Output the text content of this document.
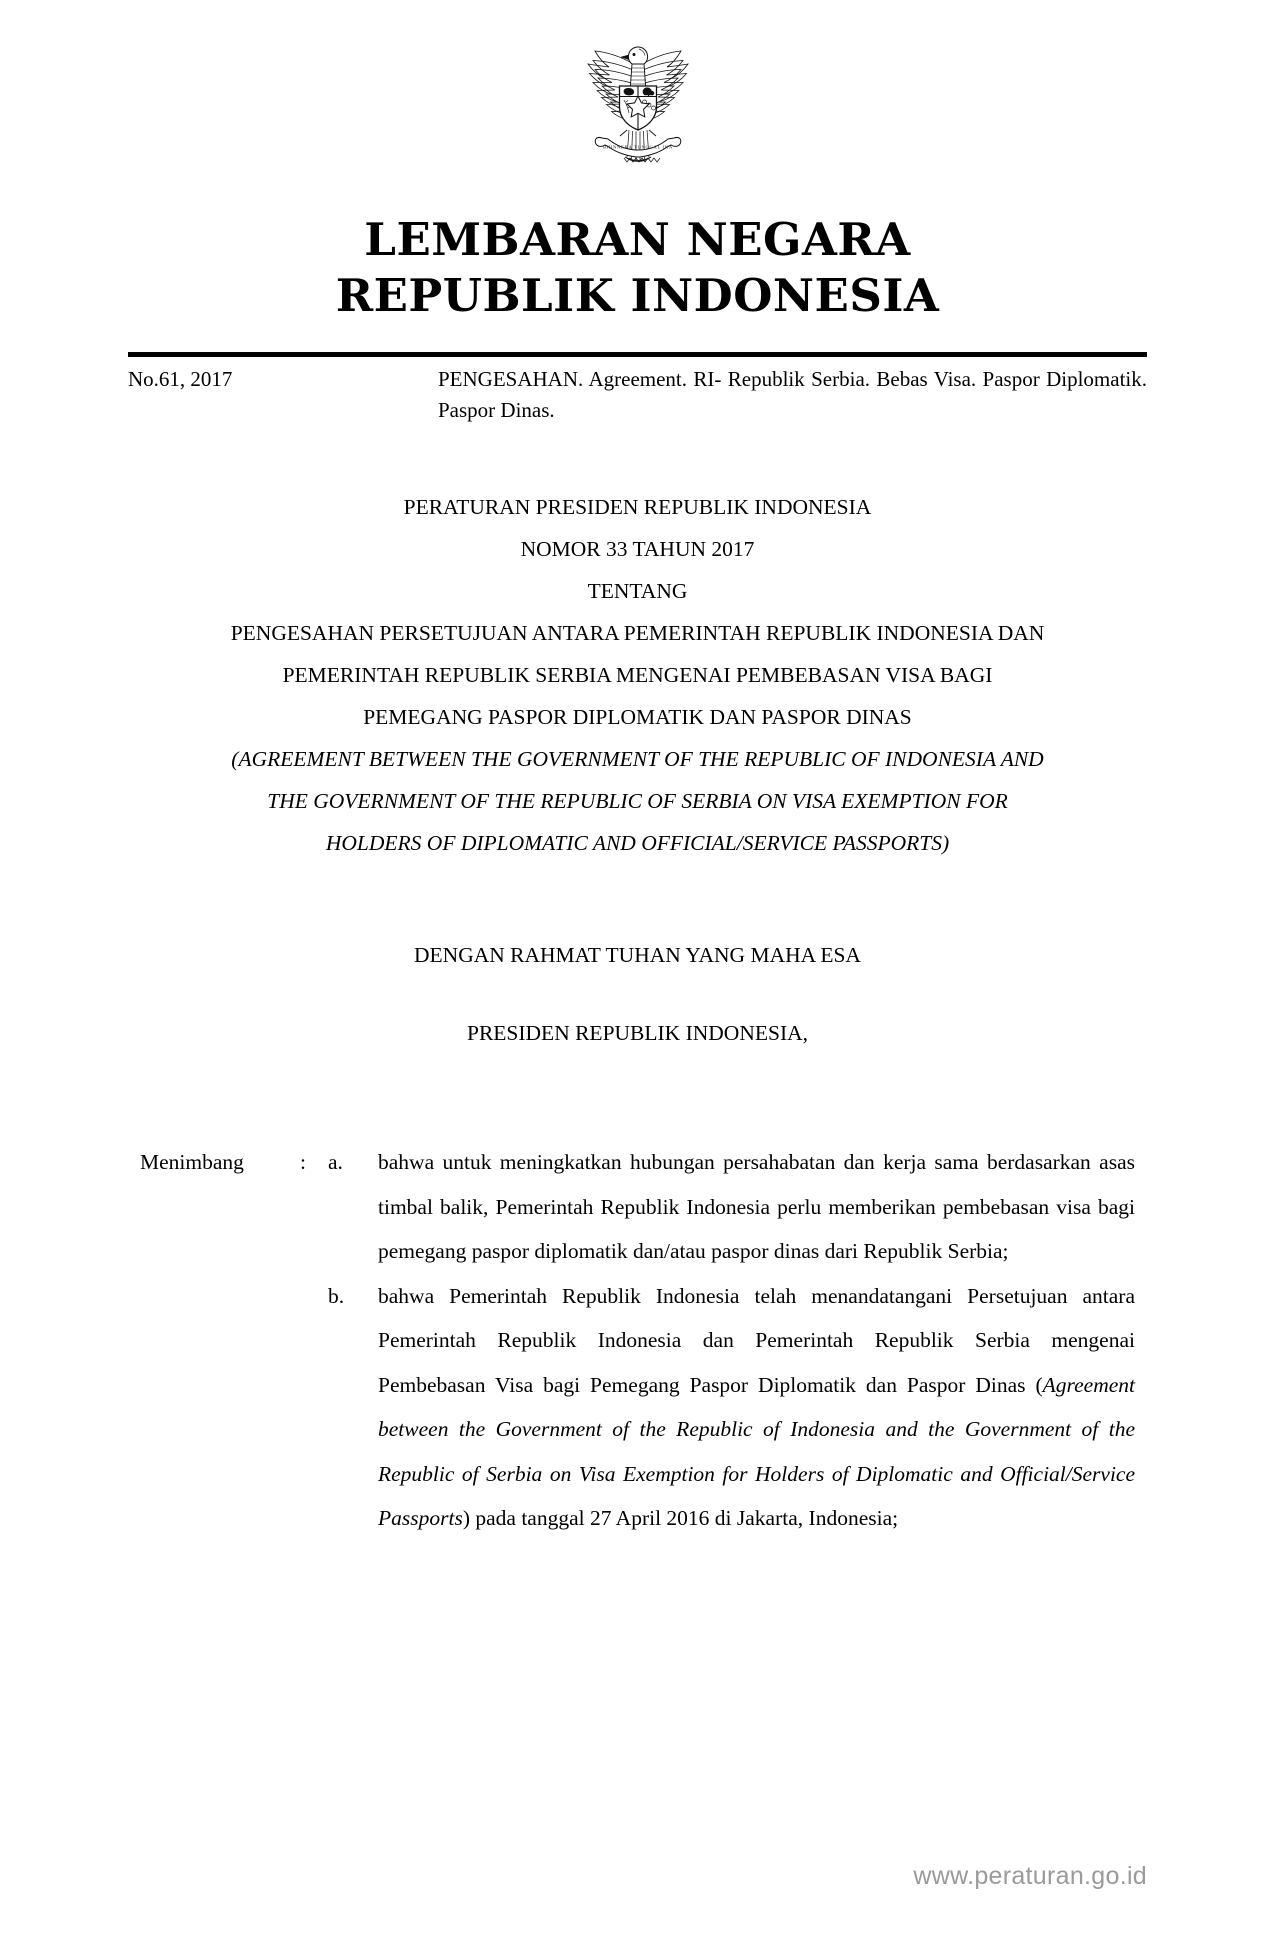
BHINNEKA TUNGGAL IKA
LEMBARAN NEGARA
REPUBLIK INDONESIA
No.61, 2017	PENGESAHAN. Agreement. RI- Republik Serbia. Bebas Visa. Paspor Diplomatik. Paspor Dinas.
PERATURAN PRESIDEN REPUBLIK INDONESIA
NOMOR 33 TAHUN 2017
TENTANG
PENGESAHAN PERSETUJUAN ANTARA PEMERINTAH REPUBLIK INDONESIA DAN
PEMERINTAH REPUBLIK SERBIA MENGENAI PEMBEBASAN VISA BAGI
PEMEGANG PASPOR DIPLOMATIK DAN PASPOR DINAS
(AGREEMENT BETWEEN THE GOVERNMENT OF THE REPUBLIC OF INDONESIA AND
THE GOVERNMENT OF THE REPUBLIC OF SERBIA ON VISA EXEMPTION FOR
HOLDERS OF DIPLOMATIC AND OFFICIAL/SERVICE PASSPORTS)
DENGAN RAHMAT TUHAN YANG MAHA ESA
PRESIDEN REPUBLIK INDONESIA,
Menimbang	:	a.	bahwa untuk meningkatkan hubungan persahabatan dan kerja sama berdasarkan asas timbal balik, Pemerintah Republik Indonesia perlu memberikan pembebasan visa bagi pemegang paspor diplomatik dan/atau paspor dinas dari Republik Serbia;
b.	bahwa Pemerintah Republik Indonesia telah menandatangani Persetujuan antara Pemerintah Republik Indonesia dan Pemerintah Republik Serbia mengenai Pembebasan Visa bagi Pemegang Paspor Diplomatik dan Paspor Dinas (Agreement between the Government of the Republic of Indonesia and the Government of the Republic of Serbia on Visa Exemption for Holders of Diplomatic and Official/Service Passports) pada tanggal 27 April 2016 di Jakarta, Indonesia;
www.peraturan.go.id
